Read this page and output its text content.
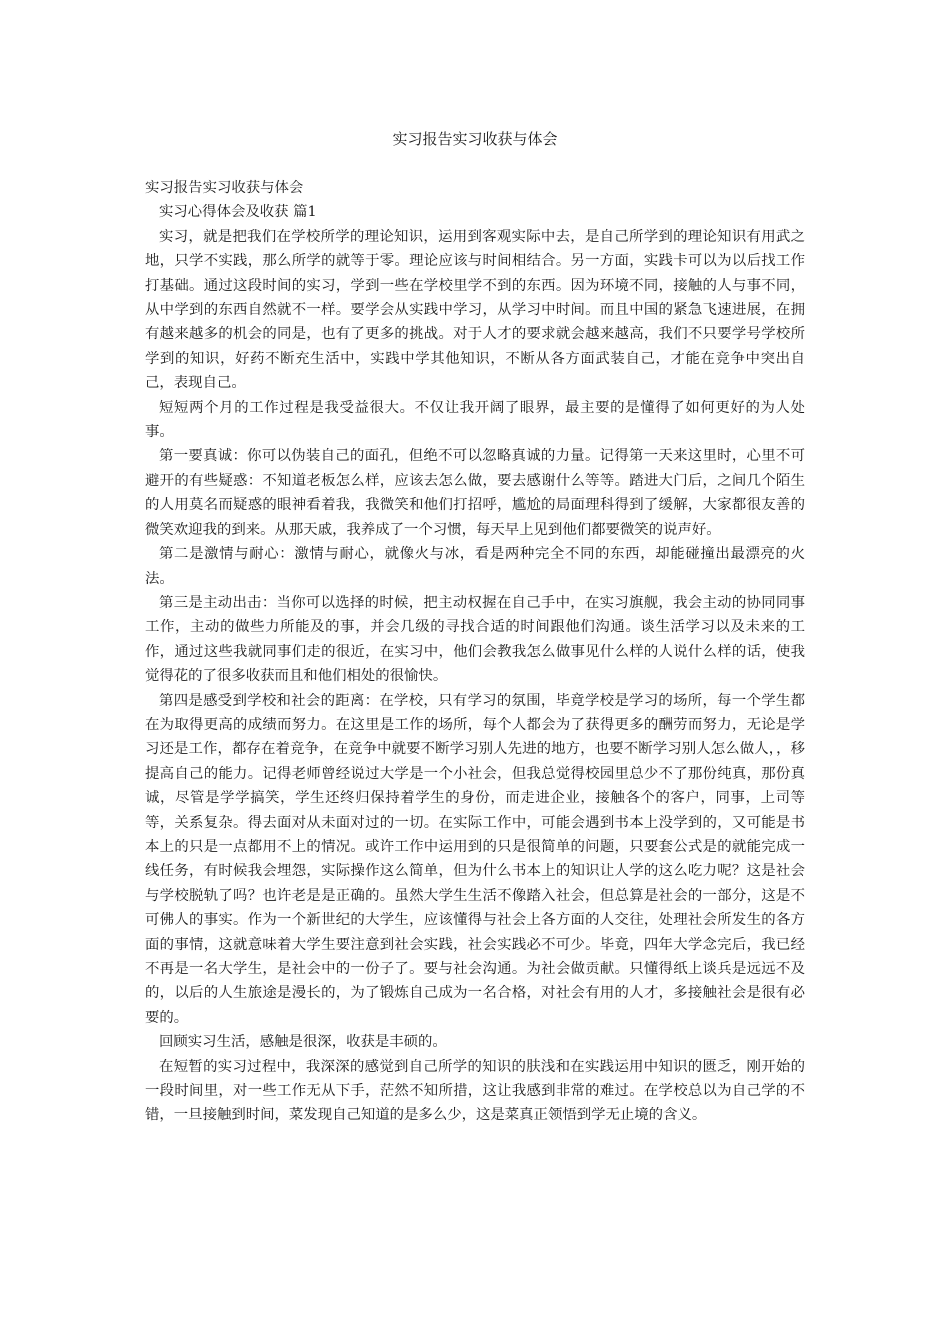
实习报告实习收获与体会

实习报告实习收获与体会

实习心得体会及收获 篇1

实习，就是把我们在学校所学的理论知识，运用到客观实际中去，是自己所学到的理论知识有用武之地，只学不实践，那么所学的就等于零。理论应该与时间相结合。另一方面，实践卡可以为以后找工作打基础。通过这段时间的实习，学到一些在学校里学不到的东西。因为环境不同，接触的人与事不同，从中学到的东西自然就不一样。要学会从实践中学习，从学习中时间。而且中国的紧急飞速进展，在拥有越来越多的机会的同是，也有了更多的挑战。对于人才的要求就会越来越高，我们不只要学号学校所学到的知识，好药不断充生活中，实践中学其他知识，不断从各方面武装自己，才能在竞争中突出自己，表现自己。

短短两个月的工作过程是我受益很大。不仅让我开阔了眼界，最主要的是懂得了如何更好的为人处事。

第一要真诚：你可以伪装自己的面孔，但绝不可以忽略真诚的力量。记得第一天来这里时，心里不可避开的有些疑惑：不知道老板怎么样，应该去怎么做，要去感谢什么等等。踏进大门后，之间几个陌生的人用莫名而疑惑的眼神看着我，我微笑和他们打招呼，尴尬的局面理科得到了缓解，大家都很友善的微笑欢迎我的到来。从那天戚，我养成了一个习惯，每天早上见到他们都要微笑的说声好。

第二是激情与耐心：激情与耐心，就像火与冰，看是两种完全不同的东西，却能碰撞出最漂亮的火法。

第三是主动出击：当你可以选择的时候，把主动权握在自己手中，在实习旗舰，我会主动的协同同事工作，主动的做些力所能及的事，并会几级的寻找合适的时间跟他们沟通。谈生活学习以及未来的工作，通过这些我就同事们走的很近，在实习中，他们会教我怎么做事见什么样的人说什么样的话，使我觉得花的了很多收获而且和他们相处的很愉快。

第四是感受到学校和社会的距离：在学校，只有学习的氛围，毕竟学校是学习的场所，每一个学生都在为取得更高的成绩而努力。在这里是工作的场所，每个人都会为了获得更多的酬劳而努力，无论是学习还是工作，都存在着竞争，在竞争中就要不断学习别人先进的地方，也要不断学习别人怎么做人，，移提高自己的能力。记得老师曾经说过大学是一个小社会，但我总觉得校园里总少不了那份纯真，那份真诚，尽管是学学搞笑，学生还终归保持着学生的身份，而走进企业，接触各个的客户，同事，上司等等，关系复杂。得去面对从未面对过的一切。在实际工作中，可能会遇到书本上没学到的，又可能是书本上的只是一点都用不上的情况。或许工作中运用到的只是很简单的问题，只要套公式是的就能完成一线任务，有时候我会埋怨，实际操作这么简单，但为什么书本上的知识让人学的这么吃力呢？这是社会与学校脱轨了吗？也许老是是正确的。虽然大学生生活不像踏入社会，但总算是社会的一部分，这是不可佛人的事实。作为一个新世纪的大学生，应该懂得与社会上各方面的人交往，处理社会所发生的各方面的事情，这就意味着大学生要注意到社会实践，社会实践必不可少。毕竟，四年大学念完后，我已经不再是一名大学生，是社会中的一份子了。要与社会沟通。为社会做贡献。只懂得纸上谈兵是远远不及的，以后的人生旅途是漫长的，为了锻炼自己成为一名合格，对社会有用的人才，多接触社会是很有必要的。

回顾实习生活，感触是很深，收获是丰硕的。

在短暂的实习过程中，我深深的感觉到自己所学的知识的肤浅和在实践运用中知识的匮乏，刚开始的一段时间里，对一些工作无从下手，茫然不知所措，这让我感到非常的难过。在学校总以为自己学的不错，一旦接触到时间，菜发现自己知道的是多么少，这是菜真正领悟到学无止境的含义。
